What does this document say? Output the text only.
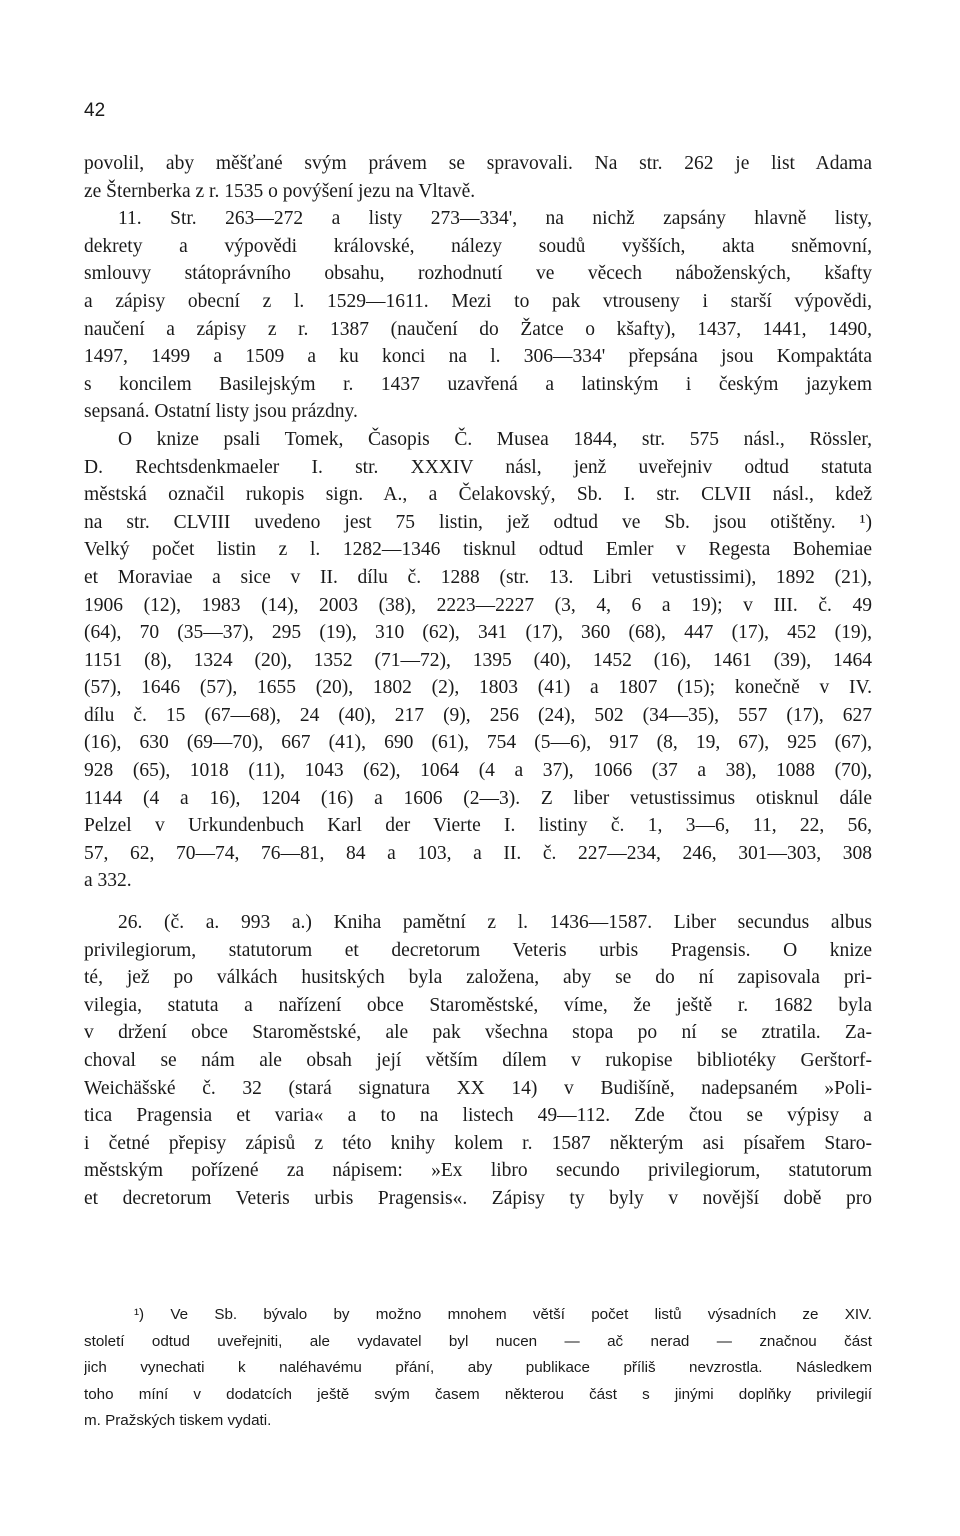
42
povolil, aby měšťané svým právem se spravovali. Na str. 262 je list Adama
ze Šternberka z r. 1535 o povýšení jezu na Vltavě.
11. Str. 263—272 a listy 273—334', na nichž zapsány hlavně listy,
dekrety a výpovědi královské, nálezy soudů vyšších, akta sněmovní,
smlouvy státoprávního obsahu, rozhodnutí ve věcech náboženských, kšafty
a zápisy obecní z l. 1529—1611. Mezi to pak vtrouseny i starší výpovědi,
naučení a zápisy z r. 1387 (naučení do Žatce o kšafty), 1437, 1441, 1490,
1497, 1499 a 1509 a ku konci na l. 306—334' přepsána jsou Kompaktáta
s koncilem Basilejským r. 1437 uzavřená a latinským i českým jazykem
sepsaná. Ostatní listy jsou prázdny.
O knize psali Tomek, Časopis Č. Musea 1844, str. 575 násl., Rössler,
D. Rechtsdenkmaeler I. str. XXXIV násl, jenž uveřejniv odtud statuta
městská označil rukopis sign. A., a Čelakovský, Sb. I. str. CLVII násl., kdež
na str. CLVIII uvedeno jest 75 listin, jež odtud ve Sb. jsou otištěny. ¹)
Velký počet listin z l. 1282—1346 tisknul odtud Emler v Regesta Bohemiae
et Moraviae a sice v II. dílu č. 1288 (str. 13. Libri vetustissimi), 1892 (21),
1906 (12), 1983 (14), 2003 (38), 2223—2227 (3, 4, 6 a 19); v III. č. 49
(64), 70 (35—37), 295 (19), 310 (62), 341 (17), 360 (68), 447 (17), 452 (19),
1151 (8), 1324 (20), 1352 (71—72), 1395 (40), 1452 (16), 1461 (39), 1464
(57), 1646 (57), 1655 (20), 1802 (2), 1803 (41) a 1807 (15); konečně v IV.
dílu č. 15 (67—68), 24 (40), 217 (9), 256 (24), 502 (34—35), 557 (17), 627
(16), 630 (69—70), 667 (41), 690 (61), 754 (5—6), 917 (8, 19, 67), 925 (67),
928 (65), 1018 (11), 1043 (62), 1064 (4 a 37), 1066 (37 a 38), 1088 (70),
1144 (4 a 16), 1204 (16) a 1606 (2—3). Z liber vetustissimus otisknul dále
Pelzel v Urkundenbuch Karl der Vierte I. listiny č. 1, 3—6, 11, 22, 56,
57, 62, 70—74, 76—81, 84 a 103, a II. č. 227—234, 246, 301—303, 308
a 332.
26. (č. a. 993 a.) Kniha pamětní z l. 1436—1587. Liber secundus albus
privilegiorum, statutorum et decretorum Veteris urbis Pragensis. O knize
té, jež po válkách husitských byla založena, aby se do ní zapisovala pri-
vilegia, statuta a nařízení obce Staroměstské, víme, že ještě r. 1682 byla
v držení obce Staroměstské, ale pak všechna stopa po ní se ztratila. Za-
choval se nám ale obsah její větším dílem v rukopise bibliotéky Gerštorf-
Weichäšské č. 32 (stará signatura XX 14) v Budišíně, nadepsaném »Poli-
tica Pragensia et varia« a to na listech 49—112. Zde čtou se výpisy a
i četné přepisy zápisů z této knihy kolem r. 1587 některým asi písařem Staro-
městským pořízené za nápisem: »Ex libro secundo privilegiorum, statutorum
et decretorum Veteris urbis Pragensis«. Zápisy ty byly v novější době pro
¹) Ve Sb. bývalo by možno mnohem větší počet listů výsadních ze XIV.
století odtud uveřejniti, ale vydavatel byl nucen — ač nerad — značnou část
jich vynechati k naléhavému přání, aby publikace příliš nevzrostla. Následkem
toho míní v dodatcích ještě svým časem některou část s jinými doplňky privilegií
m. Pražských tiskem vydati.
